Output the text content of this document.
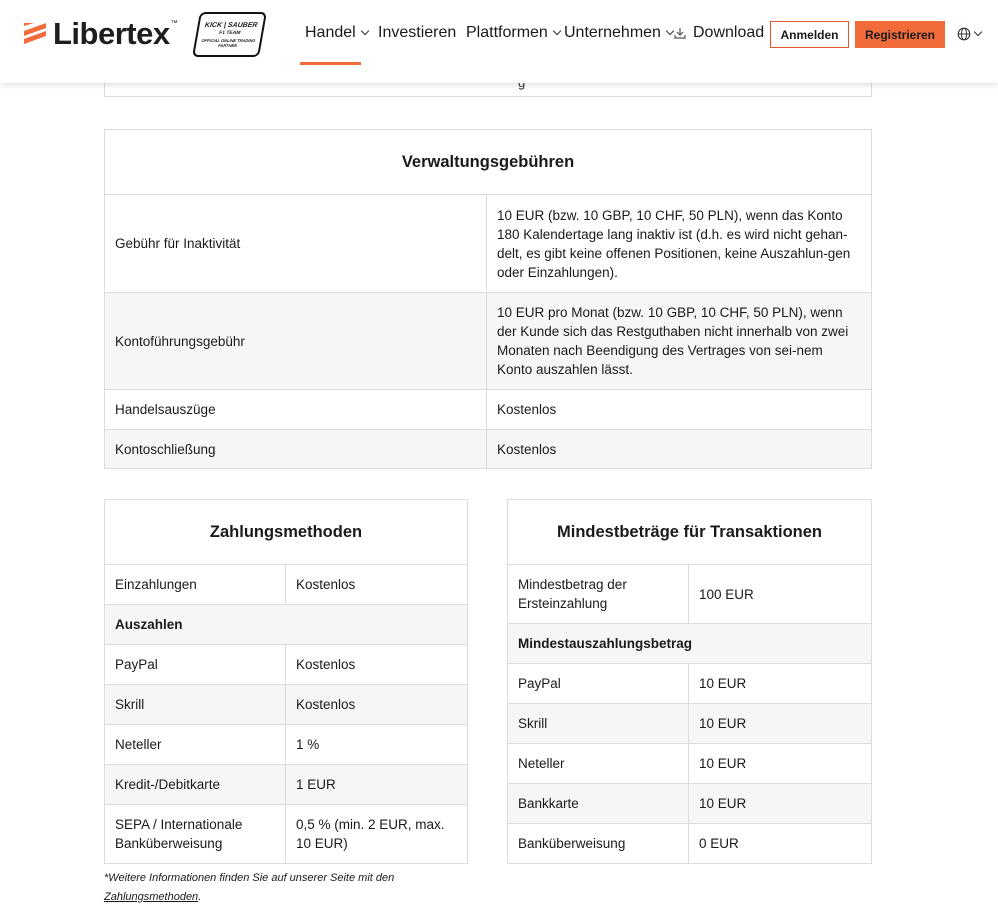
Libertex ™	KICK | SAUBER
F1 TEAM
OFFICIAL ONLINE TRADING PARTNER
Handel Investieren Plattformen Unternehmen Download	Anmelden	Registrieren
Verwaltungsgebühren	
Gebühr für Inaktivität	10 EUR (bzw. 10 GBP, 10 CHF, 50 PLN), wenn das Konto 180 Kalendertage lang inaktiv ist (d.h. es wird nicht gehan-delt, es gibt keine offenen Positionen, keine Auszahlun-gen oder Einzahlungen).
Kontoführungsgebühr	10 EUR pro Monat (bzw. 10 GBP, 10 CHF, 50 PLN), wenn der Kunde sich das Restguthaben nicht innerhalb von zwei Monaten nach Beendigung des Vertrages von sei-nem Konto auszahlen lässt.
Handelsauszüge	Kostenlos
Kontoschließung	Kostenlos
Zahlungsmethoden	
Einzahlungen	Kostenlos
Auszahlen	
PayPal	Kostenlos
Skrill	Kostenlos
Neteller	1 %
Kredit-/Debitkarte	1 EUR
SEPA / Internationale Banküberweisung	0,5 % (min. 2 EUR, max. 10 EUR)
Mindestbeträge für Transaktionen	
Mindestbetrag der Ersteinzahlung	100 EUR
Mindestauszahlungsbetrag	
PayPal	10 EUR
Skrill	10 EUR
Neteller	10 EUR
Bankkarte	10 EUR
Banküberweisung	0 EUR
*Weitere Informationen finden Sie auf unserer Seite mit den
Zahlungsmethoden.
